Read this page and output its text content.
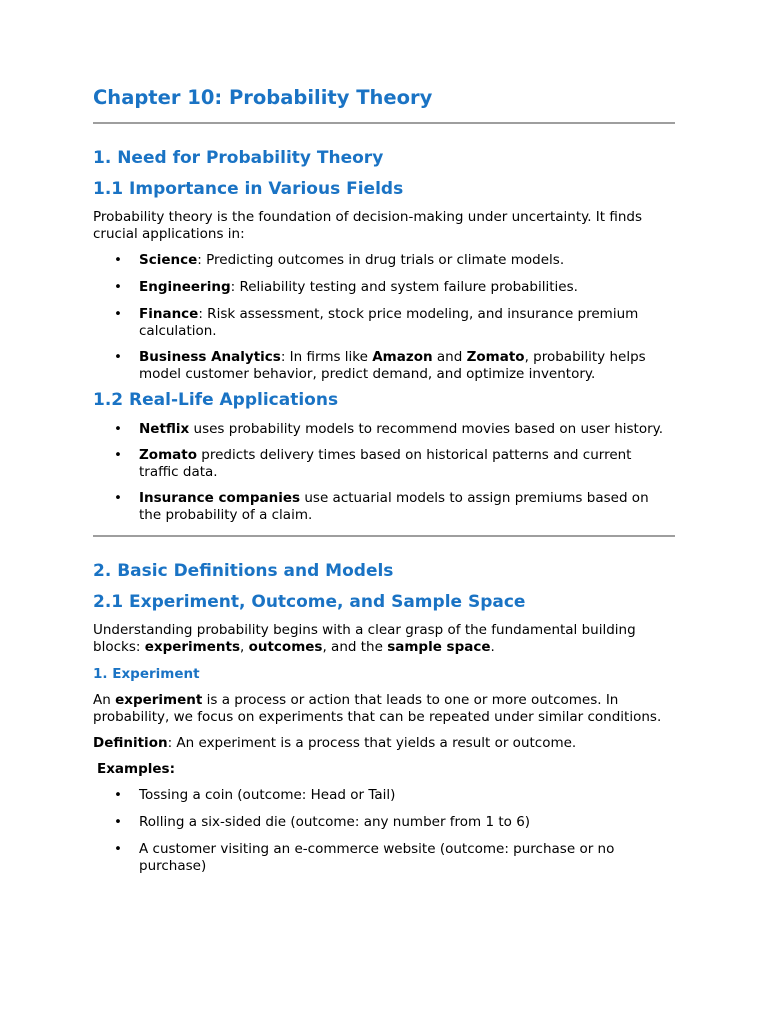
Chapter 10: Probability Theory
1. Need for Probability Theory
1.1 Importance in Various Fields

Probability theory is the foundation of decision-making under uncertainty. It finds crucial applications in:

• Science: Predicting outcomes in drug trials or climate models.
• Engineering: Reliability testing and system failure probabilities.
• Finance: Risk assessment, stock price modeling, and insurance premium calculation.
• Business Analytics: In firms like Amazon and Zomato, probability helps model customer behavior, predict demand, and optimize inventory.
1.2 Real-Life Applications
• Netflix uses probability models to recommend movies based on user history.
• Zomato predicts delivery times based on historical patterns and current traffic data.
• Insurance companies use actuarial models to assign premiums based on the probability of a claim.
2. Basic Definitions and Models
2.1 Experiment, Outcome, and Sample Space

Understanding probability begins with a clear grasp of the fundamental building blocks: experiments, outcomes, and the sample space.

1. Experiment

An experiment is a process or action that leads to one or more outcomes. In probability, we focus on experiments that can be repeated under similar conditions.

Definition: An experiment is a process that yields a result or outcome.

Examples:

• Tossing a coin (outcome: Head or Tail)
• Rolling a six-sided die (outcome: any number from 1 to 6)
• A customer visiting an e-commerce website (outcome: purchase or no purchase)
